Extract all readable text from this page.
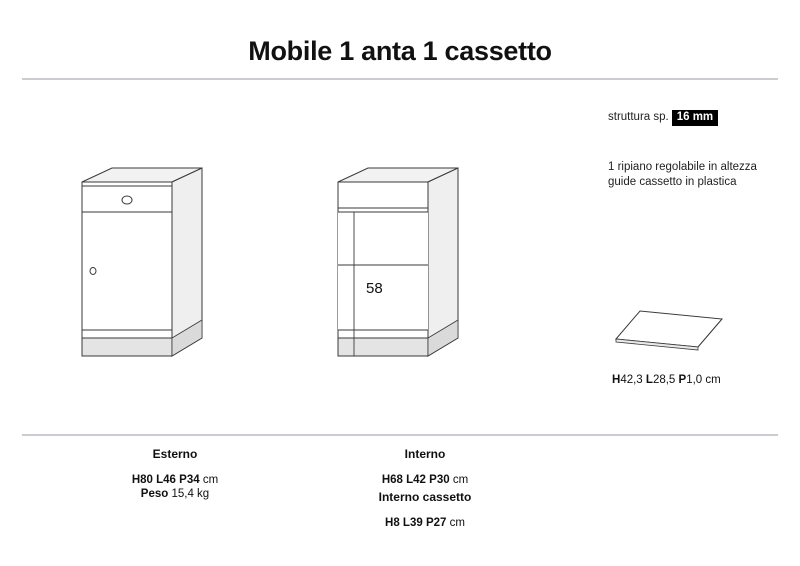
Mobile 1 anta 1 cassetto
struttura sp. 16 mm
1 ripiano regolabile in altezza
guide cassetto in plastica
H42,3 L28,5 P1,0 cm
58
Esterno
H80 L46 P34 cm
Peso 15,4 kg
Interno
H68 L42 P30 cm
Interno cassetto
H8 L39 P27 cm
